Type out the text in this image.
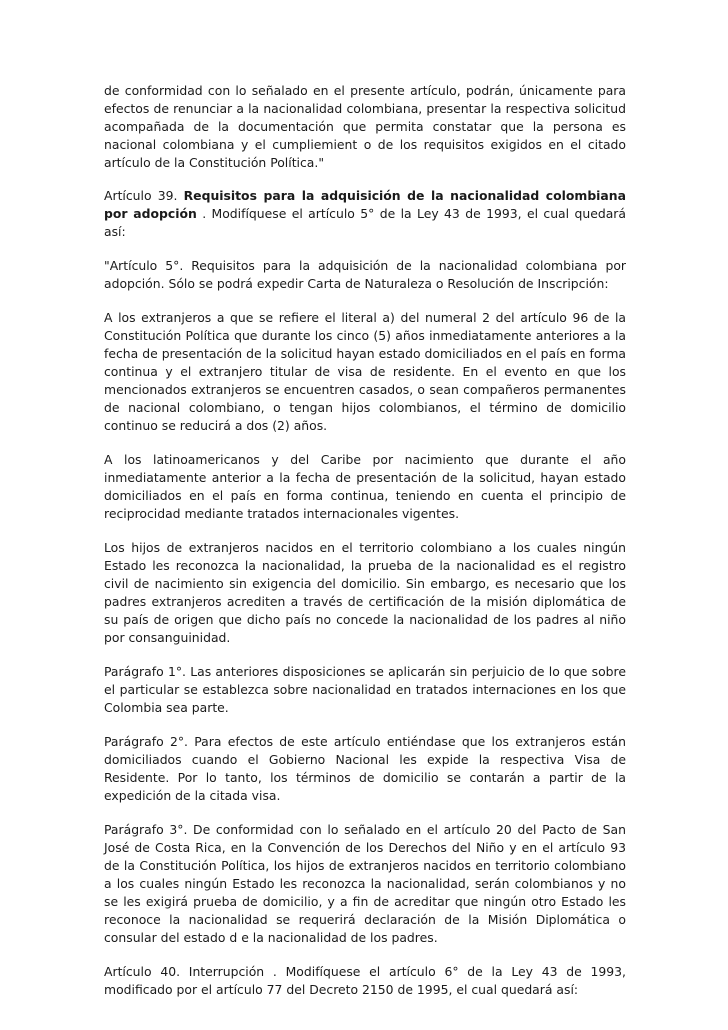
de conformidad con lo señalado en el presente artículo, podrán, únicamente para efectos de renunciar a la nacionalidad colombiana, presentar la respectiva solicitud acompañada de la documentación que permita constatar que la persona es nacional colombiana y el cumpliemient o de los requisitos exigidos en el citado artículo de la Constitución Política."

Artículo 39. Requisitos para la adquisición de la nacionalidad colombiana por adopción . Modifíquese el artículo 5° de la Ley 43 de 1993, el cual quedará así:

"Artículo 5°. Requisitos para la adquisición de la nacionalidad colombiana por adopción. Sólo se podrá expedir Carta de Naturaleza o Resolución de Inscripción:

A los extranjeros a que se refiere el literal a) del numeral 2 del artículo 96 de la Constitución Política que durante los cinco (5) años inmediatamente anteriores a la fecha de presentación de la solicitud hayan estado domiciliados en el país en forma continua y el extranjero titular de visa de residente. En el evento en que los mencionados extranjeros se encuentren casados, o sean compañeros permanentes de nacional colombiano, o tengan hijos colombianos, el término de domicilio continuo se reducirá a dos (2) años.

A los latinoamericanos y del Caribe por nacimiento que durante el año inmediatamente anterior a la fecha de presentación de la solicitud, hayan estado domiciliados en el país en forma continua, teniendo en cuenta el principio de reciprocidad mediante tratados internacionales vigentes.

Los hijos de extranjeros nacidos en el territorio colombiano a los cuales ningún Estado les reconozca la nacionalidad, la prueba de la nacionalidad es el registro civil de nacimiento sin exigencia del domicilio. Sin embargo, es necesario que los padres extranjeros acrediten a través de certificación de la misión diplomática de su país de origen que dicho país no concede la nacionalidad de los padres al niño por consanguinidad.

Parágrafo 1°. Las anteriores disposiciones se aplicarán sin perjuicio de lo que sobre el particular se establezca sobre nacionalidad en tratados internaciones en los que Colombia sea parte.

Parágrafo 2°. Para efectos de este artículo entiéndase que los extranjeros están domiciliados cuando el Gobierno Nacional les expide la respectiva Visa de Residente. Por lo tanto, los términos de domicilio se contarán a partir de la expedición de la citada visa.

Parágrafo 3°. De conformidad con lo señalado en el artículo 20 del Pacto de San José de Costa Rica, en la Convención de los Derechos del Niño y en el artículo 93 de la Constitución Política, los hijos de extranjeros nacidos en territorio colombiano a los cuales ningún Estado les reconozca la nacionalidad, serán colombianos y no se les exigirá prueba de domicilio, y a fin de acreditar que ningún otro Estado les reconoce la nacionalidad se requerirá declaración de la Misión Diplomática o consular del estado d e la nacionalidad de los padres.

Artículo 40. Interrupción . Modifíquese el artículo 6° de la Ley 43 de 1993, modificado por el artículo 77 del Decreto 2150 de 1995, el cual quedará así:
